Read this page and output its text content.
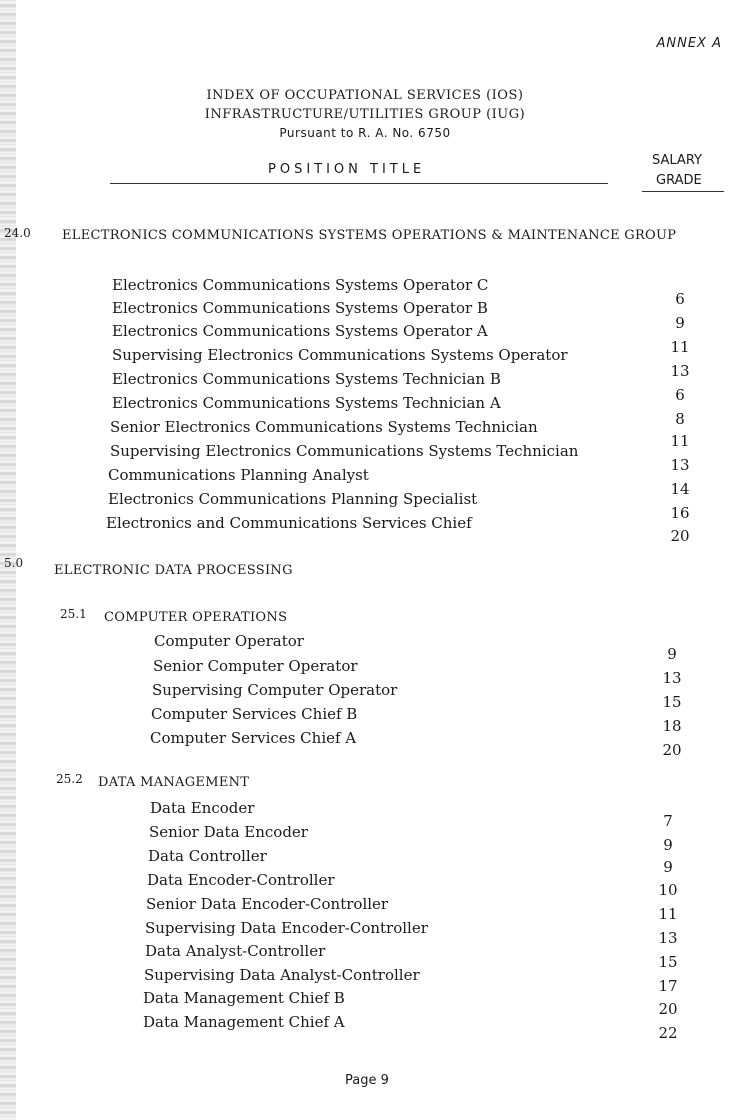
ANNEX A
INDEX OF OCCUPATIONAL SERVICES (IOS)
INFRASTRUCTURE/UTILITIES GROUP (IUG)
Pursuant to R. A. No. 6750
POSITION TITLE
SALARY
GRADE
24.0 ELECTRONICS COMMUNICATIONS SYSTEMS OPERATIONS & MAINTENANCE GROUP
Electronics Communications Systems Operator C
6
Electronics Communications Systems Operator B
9
Electronics Communications Systems Operator A
11
Supervising Electronics Communications Systems Operator
13
Electronics Communications Systems Technician B
6
Electronics Communications Systems Technician A
8
Senior Electronics Communications Systems Technician
11
Supervising Electronics Communications Systems Technician
13
Communications Planning Analyst
14
Electronics Communications Planning Specialist
16
Electronics and Communications Services Chief
20
5.0 ELECTRONIC DATA PROCESSING
25.1 COMPUTER OPERATIONS
Computer Operator
9
Senior Computer Operator
13
Supervising Computer Operator
15
Computer Services Chief B
18
Computer Services Chief A
20
25.2 DATA MANAGEMENT
Data Encoder
7
Senior Data Encoder
9
Data Controller
9
Data Encoder-Controller
10
Senior Data Encoder-Controller
11
Supervising Data Encoder-Controller
13
Data Analyst-Controller
15
Supervising Data Analyst-Controller
17
Data Management Chief B
20
Data Management Chief A
22
Page 9
